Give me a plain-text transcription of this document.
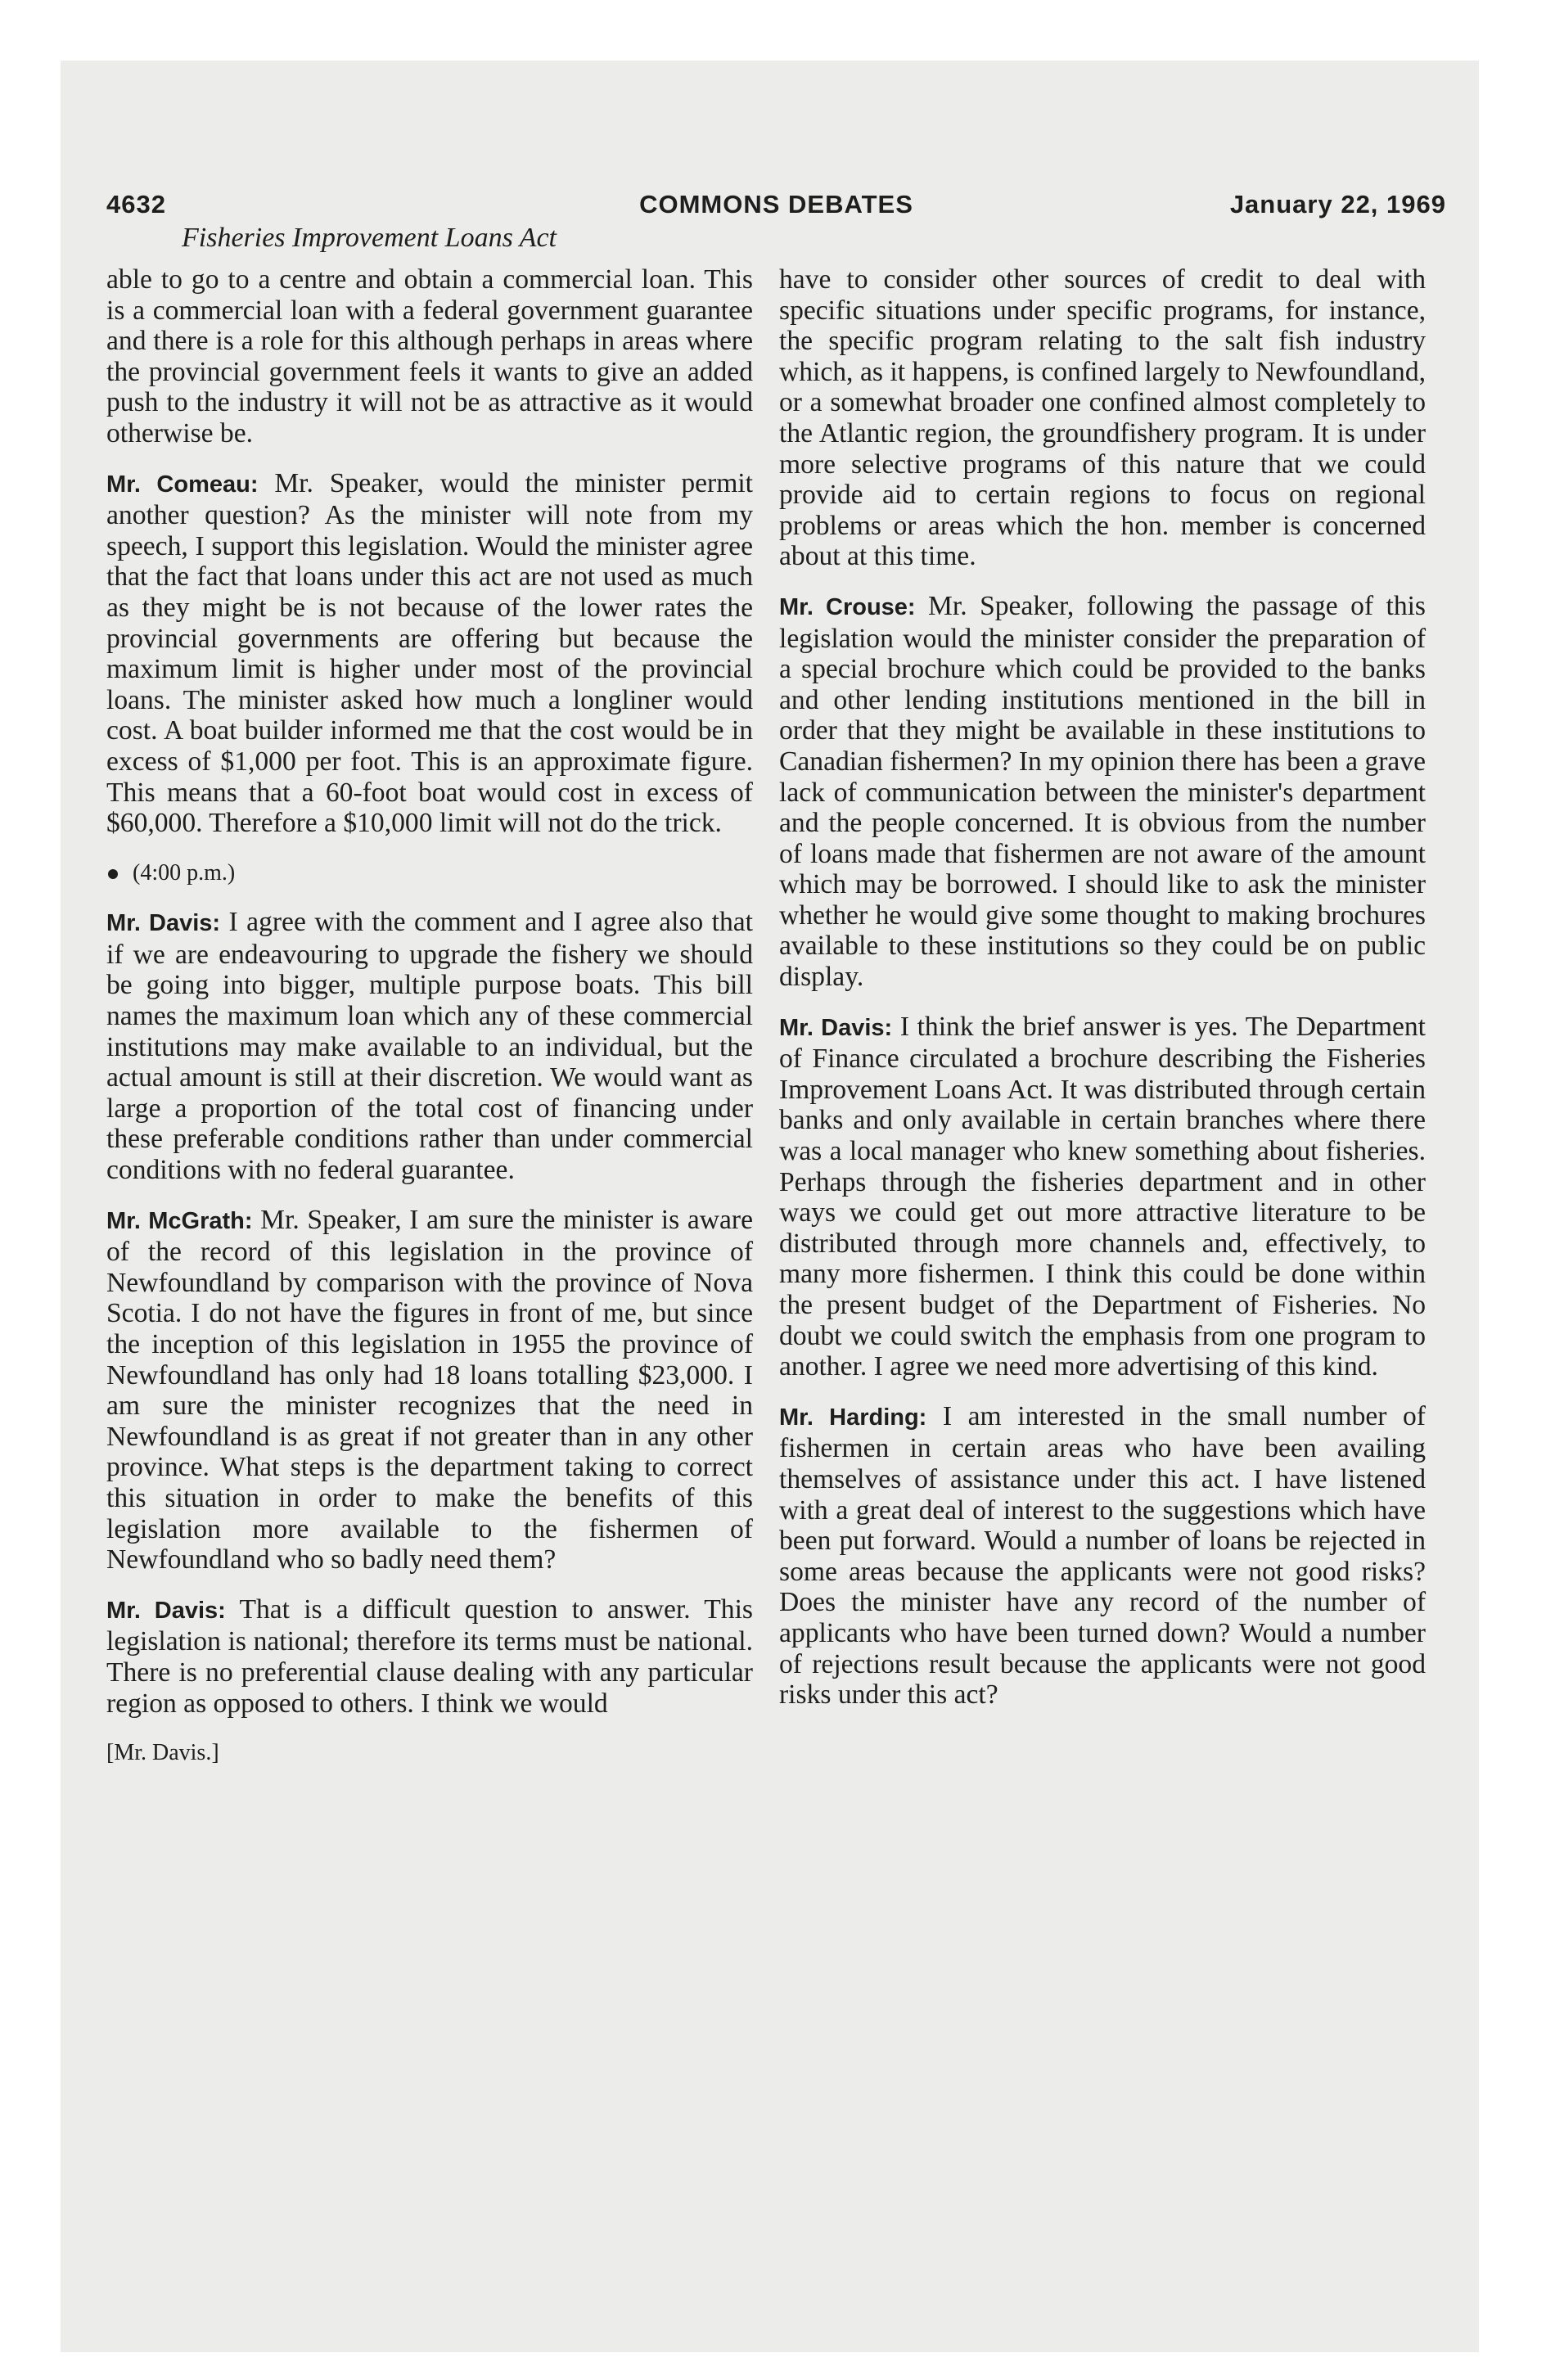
4632	COMMONS DEBATES	January 22, 1969
Fisheries Improvement Loans Act

able to go to a centre and obtain a commercial loan. This is a commercial loan with a federal government guarantee and there is a role for this although perhaps in areas where the provincial government feels it wants to give an added push to the industry it will not be as attractive as it would otherwise be.

Mr. Comeau: Mr. Speaker, would the minister permit another question? As the minister will note from my speech, I support this legislation. Would the minister agree that the fact that loans under this act are not used as much as they might be is not because of the lower rates the provincial governments are offering but because the maximum limit is higher under most of the provincial loans. The minister asked how much a longliner would cost. A boat builder informed me that the cost would be in excess of $1,000 per foot. This is an approximate figure. This means that a 60-foot boat would cost in excess of $60,000. Therefore a $10,000 limit will not do the trick.

(4:00 p.m.)

Mr. Davis: I agree with the comment and I agree also that if we are endeavouring to upgrade the fishery we should be going into bigger, multiple purpose boats. This bill names the maximum loan which any of these commercial institutions may make available to an individual, but the actual amount is still at their discretion. We would want as large a proportion of the total cost of financing under these preferable conditions rather than under commercial conditions with no federal guarantee.

Mr. McGrath: Mr. Speaker, I am sure the minister is aware of the record of this legislation in the province of Newfoundland by comparison with the province of Nova Scotia. I do not have the figures in front of me, but since the inception of this legislation in 1955 the province of Newfoundland has only had 18 loans totalling $23,000. I am sure the minister recognizes that the need in Newfoundland is as great if not greater than in any other province. What steps is the department taking to correct this situation in order to make the benefits of this legislation more available to the fishermen of Newfoundland who so badly need them?

Mr. Davis: That is a difficult question to answer. This legislation is national; therefore its terms must be national. There is no preferential clause dealing with any particular region as opposed to others. I think we would

[Mr. Davis.]

have to consider other sources of credit to deal with specific situations under specific programs, for instance, the specific program relating to the salt fish industry which, as it happens, is confined largely to Newfoundland, or a somewhat broader one confined almost completely to the Atlantic region, the groundfishery program. It is under more selective programs of this nature that we could provide aid to certain regions to focus on regional problems or areas which the hon. member is concerned about at this time.

Mr. Crouse: Mr. Speaker, following the passage of this legislation would the minister consider the preparation of a special brochure which could be provided to the banks and other lending institutions mentioned in the bill in order that they might be available in these institutions to Canadian fishermen? In my opinion there has been a grave lack of communication between the minister's department and the people concerned. It is obvious from the number of loans made that fishermen are not aware of the amount which may be borrowed. I should like to ask the minister whether he would give some thought to making brochures available to these institutions so they could be on public display.

Mr. Davis: I think the brief answer is yes. The Department of Finance circulated a brochure describing the Fisheries Improvement Loans Act. It was distributed through certain banks and only available in certain branches where there was a local manager who knew something about fisheries. Perhaps through the fisheries department and in other ways we could get out more attractive literature to be distributed through more channels and, effectively, to many more fishermen. I think this could be done within the present budget of the Department of Fisheries. No doubt we could switch the emphasis from one program to another. I agree we need more advertising of this kind.

Mr. Harding: I am interested in the small number of fishermen in certain areas who have been availing themselves of assistance under this act. I have listened with a great deal of interest to the suggestions which have been put forward. Would a number of loans be rejected in some areas because the applicants were not good risks? Does the minister have any record of the number of applicants who have been turned down? Would a number of rejections result because the applicants were not good risks under this act?
